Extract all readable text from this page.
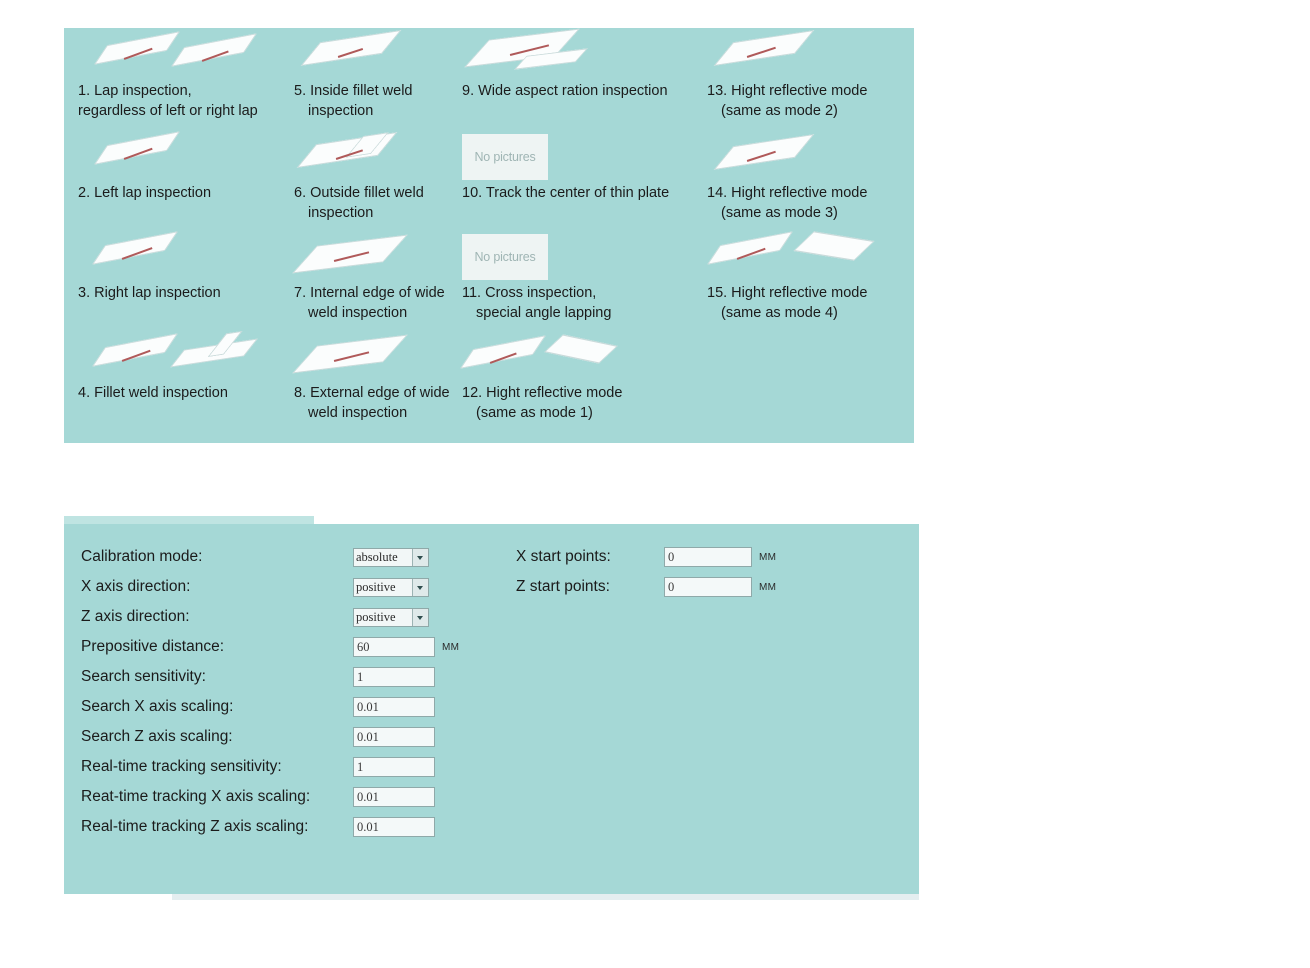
1. Lap inspection,
regardless of left or right lap
5. Inside fillet weld
inspection
9. Wide aspect ration inspection	13. Hight reflective mode
(same as mode 2)
2. Left lap inspection	6. Outside fillet weld
inspection
No pictures
10. Track the center of thin plate	14. Hight reflective mode
(same as mode 3)
3. Right lap inspection	7. Internal edge of wide
weld inspection
No pictures
11. Cross inspection,
special angle lapping
15. Hight reflective mode
(same as mode 4)
4. Fillet weld inspection	8. External edge of wide
weld inspection
12. Hight reflective mode
(same as mode 1)
Calibration mode:
absolute
X axis direction:
positive
Z axis direction:
positive
Prepositive distance:
60	MM
Search sensitivity:
1
Search X axis scaling:
0.01
Search Z axis scaling:
0.01
Real-time tracking sensitivity:
1
Reat-time tracking X axis scaling:
0.01
Real-time tracking Z axis scaling:
0.01
X start points:
0	MM
Z start points:
0	MM
